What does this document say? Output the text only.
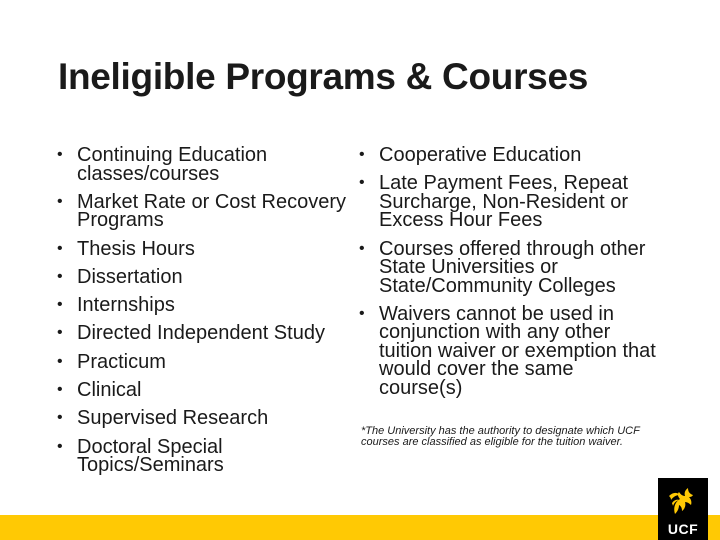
Ineligible Programs & Courses
• Continuing Education classes/courses
• Market Rate or Cost Recovery Programs
• Thesis Hours
• Dissertation
• Internships
• Directed Independent Study
• Practicum
• Clinical
• Supervised Research
• Doctoral Special Topics/Seminars
• Cooperative Education
• Late Payment Fees, Repeat Surcharge, Non-Resident or Excess Hour Fees
• Courses offered through other State Universities or State/Community Colleges
• Waivers cannot be used in conjunction with any other tuition waiver or exemption that would cover the same course(s)

*The University has the authority to designate which UCF courses are classified as eligible for the tuition waiver.

UCF
